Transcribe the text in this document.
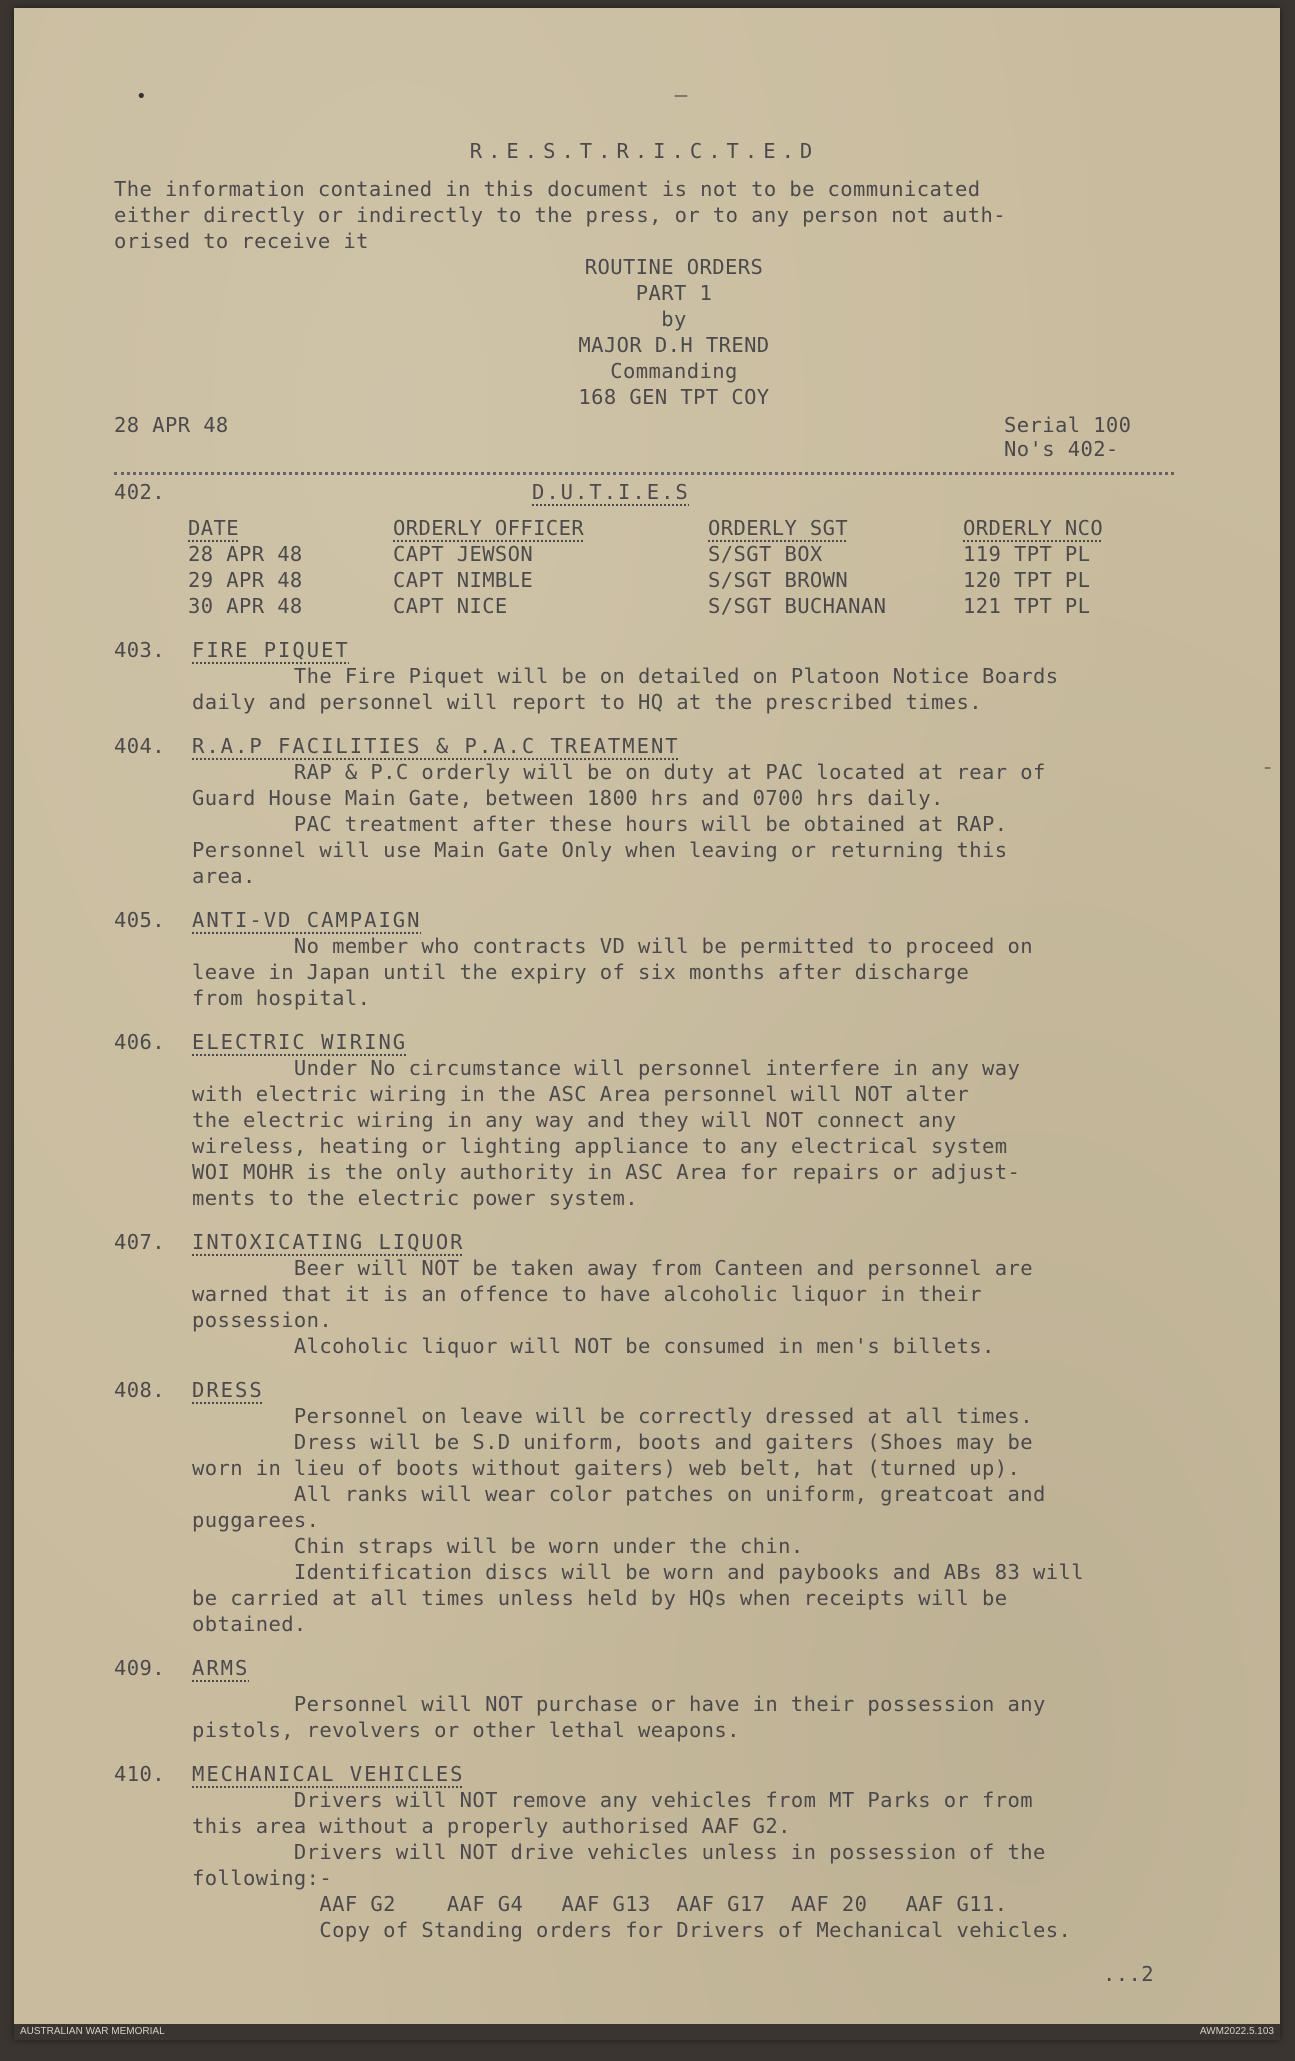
•	—
–
R.E.S.T.R.I.C.T.E.D

The information contained in this document is not to be communicated

either directly or indirectly to the press, or to any person not auth-

orised to receive it

ROUTINE ORDERS
PART 1
by
MAJOR D.H TREND
Commanding
168 GEN TPT COY
28 APR 48	Serial 100
No's 402-
402.	D.U.T.I.E.S
DATE	ORDERLY OFFICER	ORDERLY SGT	ORDERLY NCO
28 APR 48	CAPT JEWSON	S/SGT BOX	119 TPT PL
29 APR 48	CAPT NIMBLE	S/SGT BROWN	120 TPT PL
30 APR 48	CAPT NICE	S/SGT BUCHANAN	121 TPT PL
403.	FIRE PIQUET

The Fire Piquet will be on detailed on Platoon Notice Boards

daily and personnel will report to HQ at the prescribed times.

404.	R.A.P FACILITIES & P.A.C TREATMENT

RAP & P.C orderly will be on duty at PAC located at rear of

Guard House Main Gate, between 1800 hrs and 0700 hrs daily.

PAC treatment after these hours will be obtained at RAP.

Personnel will use Main Gate Only when leaving or returning this

area.

405.	ANTI-VD CAMPAIGN

No member who contracts VD will be permitted to proceed on

leave in Japan until the expiry of six months after discharge

from hospital.

406.	ELECTRIC WIRING

Under No circumstance will personnel interfere in any way

with electric wiring in the ASC Area personnel will NOT alter

the electric wiring in any way and they will NOT connect any

wireless, heating or lighting appliance to any electrical system

WOI MOHR is the only authority in ASC Area for repairs or adjust-

ments to the electric power system.

407.	INTOXICATING LIQUOR

Beer will NOT be taken away from Canteen and personnel are

warned that it is an offence to have alcoholic liquor in their

possession.

Alcoholic liquor will NOT be consumed in men's billets.

408.	DRESS

Personnel on leave will be correctly dressed at all times.

Dress will be S.D uniform, boots and gaiters (Shoes may be

worn in lieu of boots without gaiters) web belt, hat (turned up).

All ranks will wear color patches on uniform, greatcoat and

puggarees.

Chin straps will be worn under the chin.

Identification discs will be worn and paybooks and ABs 83 will

be carried at all times unless held by HQs when receipts will be

obtained.

409.	ARMS

Personnel will NOT purchase or have in their possession any

pistols, revolvers or other lethal weapons.

410.	MECHANICAL VEHICLES

Drivers will NOT remove any vehicles from MT Parks or from

this area without a properly authorised AAF G2.

Drivers will NOT drive vehicles unless in possession of the

following:-

AAF G2    AAF G4   AAF G13  AAF G17  AAF 20   AAF G11.

Copy of Standing orders for Drivers of Mechanical vehicles.

...2
AUSTRALIAN WAR MEMORIAL	AWM2022.5.103
